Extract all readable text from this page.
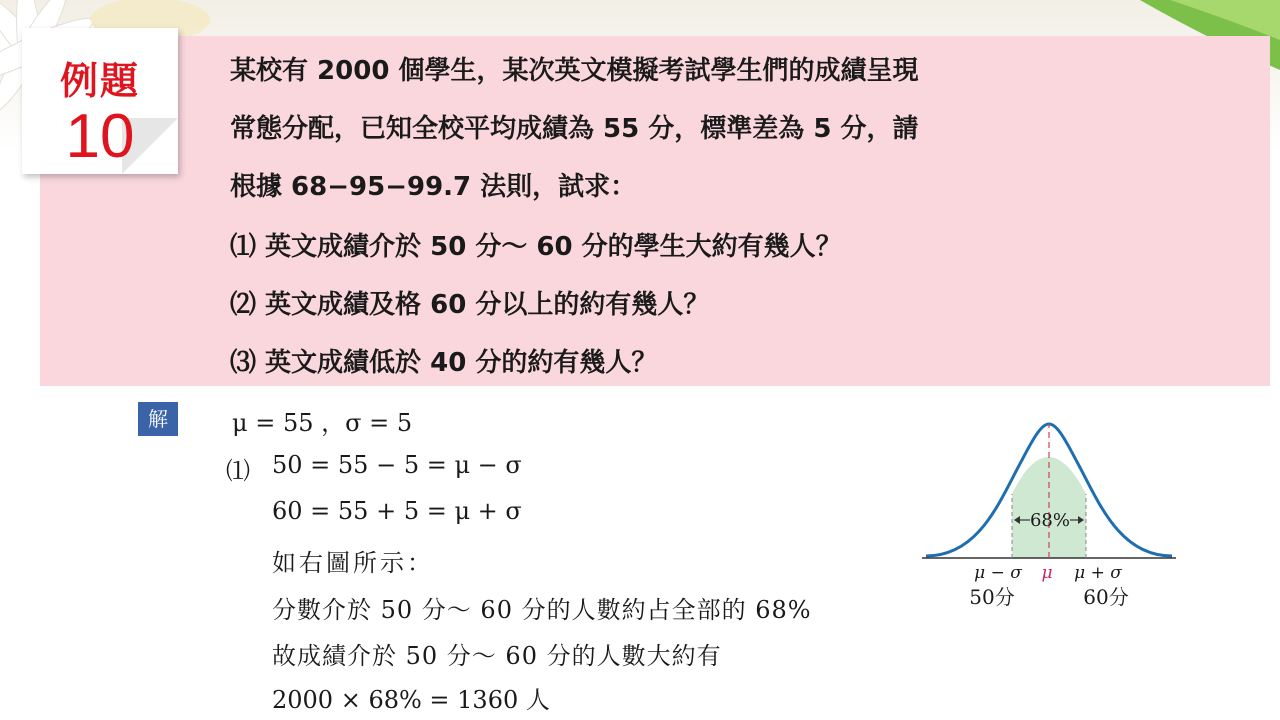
例題
10
某校有 2000 個學生，某次英文模擬考試學生們的成績呈現
常態分配，已知全校平均成績為 55 分，標準差為 5 分，請
根據 68−95−99.7 法則，試求：
⑴ 英文成績介於 50 分～ 60 分的學生大約有幾人？
⑵ 英文成績及格 60 分以上的約有幾人？
⑶ 英文成績低於 40 分的約有幾人？
解	μ = 55 ，σ = 5
⑴ 50 = 55 − 5 = μ − σ
60 = 55 + 5 = μ + σ
如右圖所示：
分數介於 50 分～ 60 分的人數約占全部的 68%
故成績介於 50 分～ 60 分的人數大約有
2000 × 68% = 1360 人
68%
μ − σ μ μ + σ
50分	60分
